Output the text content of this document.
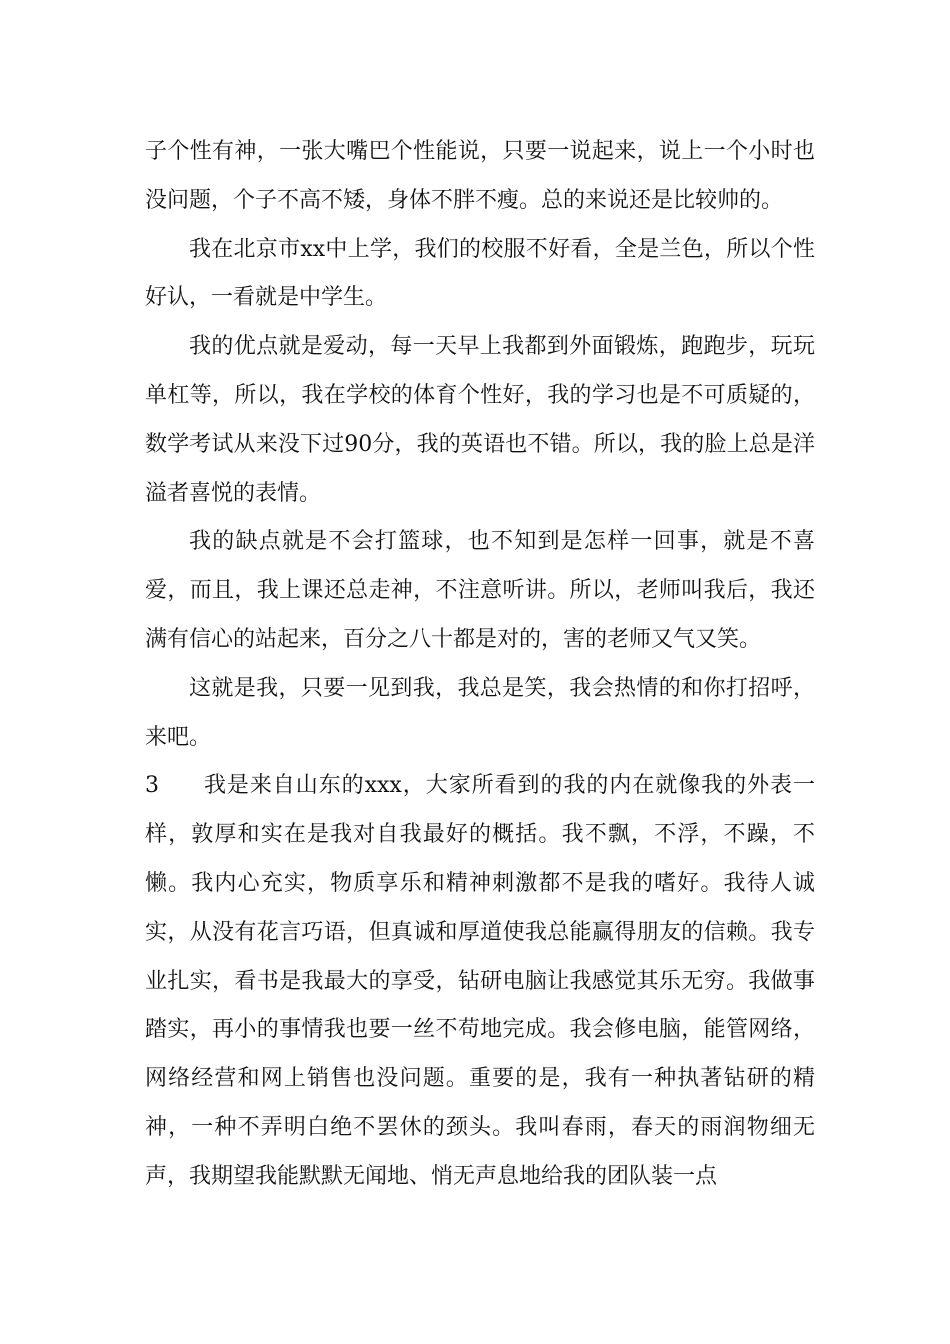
子个性有神，一张大嘴巴个性能说，只要一说起来，说上一个小时也没问题，个子不高不矮，身体不胖不瘦。总的来说还是比较帅的。

我在北京市xx中上学，我们的校服不好看，全是兰色，所以个性好认，一看就是中学生。

我的优点就是爱动，每一天早上我都到外面锻炼，跑跑步，玩玩单杠等，所以，我在学校的体育个性好，我的学习也是不可质疑的，数学考试从来没下过90分，我的英语也不错。所以，我的脸上总是洋溢者喜悦的表情。

我的缺点就是不会打篮球，也不知到是怎样一回事，就是不喜爱，而且，我上课还总走神，不注意听讲。所以，老师叫我后，我还满有信心的站起来，百分之八十都是对的，害的老师又气又笑。

这就是我，只要一见到我，我总是笑，我会热情的和你打招呼，来吧。

3 我是来自山东的xxx，大家所看到的我的内在就像我的外表一样，敦厚和实在是我对自我最好的概括。我不飘，不浮，不躁，不懒。我内心充实，物质享乐和精神刺激都不是我的嗜好。我待人诚实，从没有花言巧语，但真诚和厚道使我总能赢得朋友的信赖。我专业扎实，看书是我最大的享受，钻研电脑让我感觉其乐无穷。我做事踏实，再小的事情我也要一丝不苟地完成。我会修电脑，能管网络，网络经营和网上销售也没问题。重要的是，我有一种执著钻研的精神，一种不弄明白绝不罢休的颈头。我叫春雨，春天的雨润物细无声，我期望我能默默无闻地、悄无声息地给我的团队装一点
